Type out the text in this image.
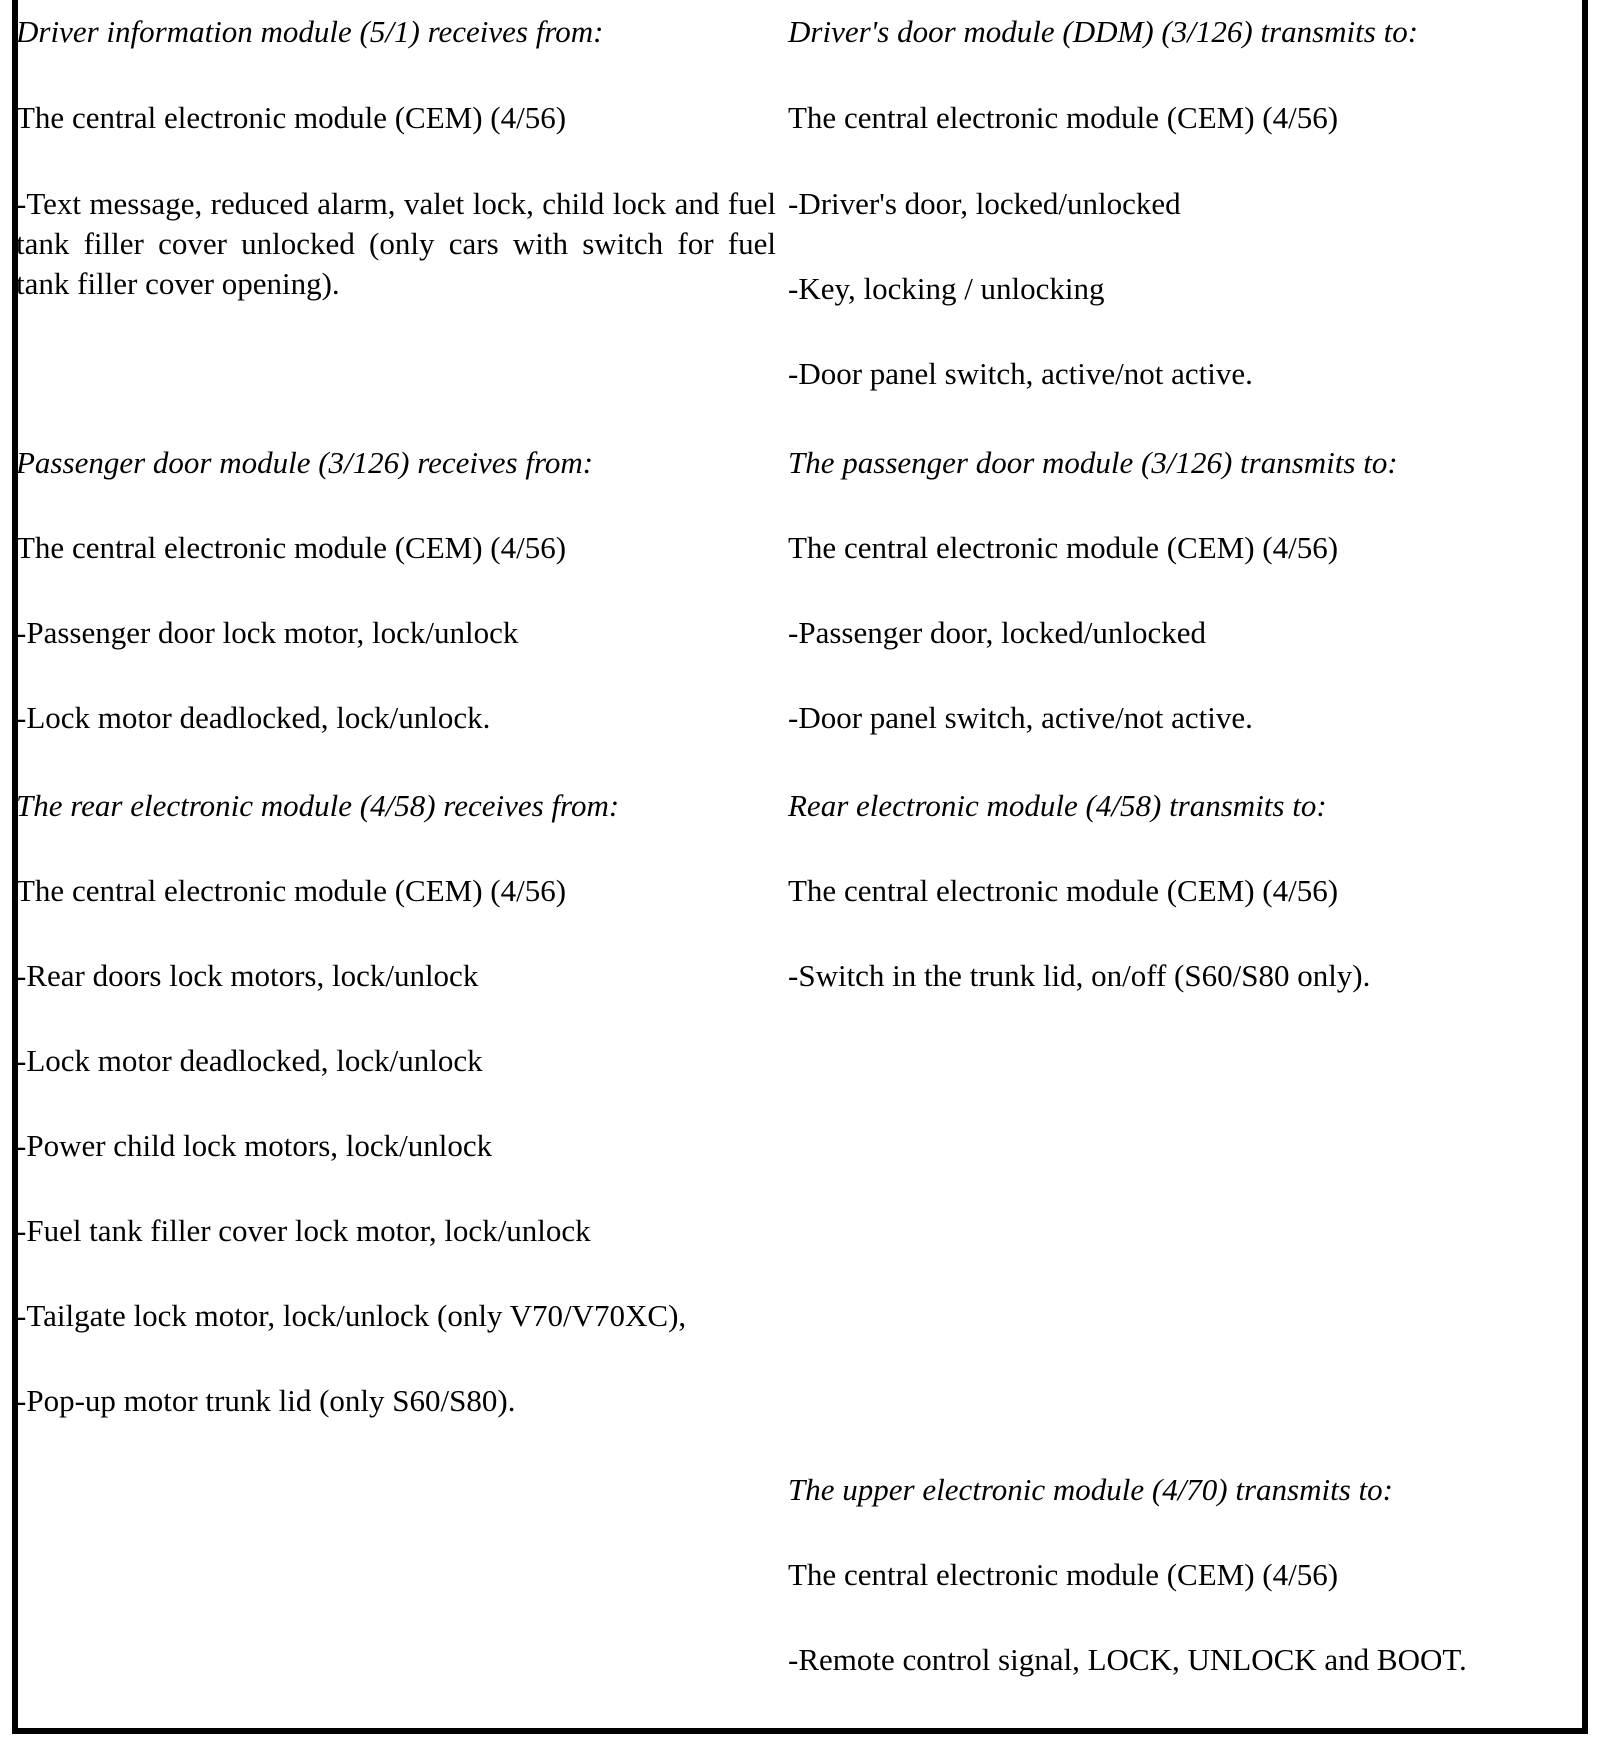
Driver information module (5/1) receives from:
The central electronic module (CEM) (4/56)
-Text message, reduced alarm, valet lock, child lock and fuel tank filler cover unlocked (only cars with switch for fuel tank filler cover opening).
Passenger door module (3/126) receives from:
The central electronic module (CEM) (4/56)
-Passenger door lock motor, lock/unlock
-Lock motor deadlocked, lock/unlock.
The rear electronic module (4/58) receives from:
The central electronic module (CEM) (4/56)
-Rear doors lock motors, lock/unlock
-Lock motor deadlocked, lock/unlock
-Power child lock motors, lock/unlock
-Fuel tank filler cover lock motor, lock/unlock
-Tailgate lock motor, lock/unlock (only V70/V70XC),
-Pop-up motor trunk lid (only S60/S80).
Driver's door module (DDM) (3/126) transmits to:
The central electronic module (CEM) (4/56)
-Driver's door, locked/unlocked
-Key, locking / unlocking
-Door panel switch, active/not active.
The passenger door module (3/126) transmits to:
The central electronic module (CEM) (4/56)
-Passenger door, locked/unlocked
-Door panel switch, active/not active.
Rear electronic module (4/58) transmits to:
The central electronic module (CEM) (4/56)
-Switch in the trunk lid, on/off (S60/S80 only).
The upper electronic module (4/70) transmits to:
The central electronic module (CEM) (4/56)
-Remote control signal, LOCK, UNLOCK and BOOT.
